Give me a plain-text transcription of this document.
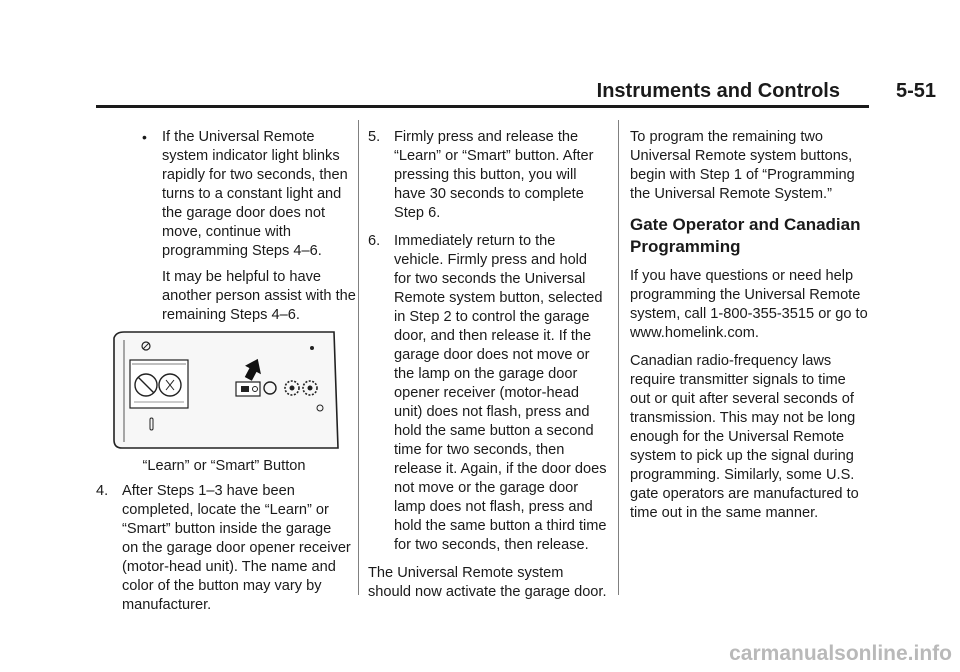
Instruments and Controls	5-51

• If the Universal Remote system indicator light blinks rapidly for two seconds, then turns to a constant light and the garage door does not move, continue with programming Steps 4–6.

It may be helpful to have another person assist with the remaining Steps 4–6.

“Learn” or “Smart” Button

4. After Steps 1–3 have been completed, locate the “Learn” or “Smart” button inside the garage on the garage door opener receiver (motor-head unit). The name and color of the button may vary by manufacturer.

5. Firmly press and release the “Learn” or “Smart” button. After pressing this button, you will have 30 seconds to complete Step 6.

6. Immediately return to the vehicle. Firmly press and hold for two seconds the Universal Remote system button, selected in Step 2 to control the garage door, and then release it. If the garage door does not move or the lamp on the garage door opener receiver (motor-head unit) does not flash, press and hold the same button a second time for two seconds, then release it. Again, if the door does not move or the garage door lamp does not flash, press and hold the same button a third time for two seconds, then release.

The Universal Remote system should now activate the garage door.

To program the remaining two Universal Remote system buttons, begin with Step 1 of “Programming the Universal Remote System.”

Gate Operator and Canadian Programming

If you have questions or need help programming the Universal Remote system, call 1-800-355-3515 or go to www.homelink.com.

Canadian radio-frequency laws require transmitter signals to time out or quit after several seconds of transmission. This may not be long enough for the Universal Remote system to pick up the signal during programming. Similarly, some U.S. gate operators are manufactured to time out in the same manner.

carmanualsonline.info
